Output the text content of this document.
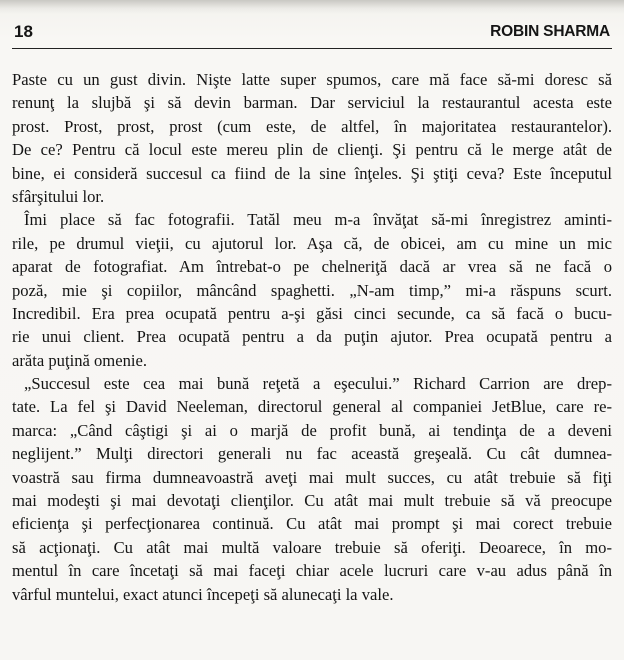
18	ROBIN SHARMA
Paste cu un gust divin. Nişte latte super spumos, care mă face să-mi doresc să
renunţ la slujbă şi să devin barman. Dar serviciul la restaurantul acesta este
prost. Prost, prost, prost (cum este, de altfel, în majoritatea restaurantelor).
De ce? Pentru că locul este mereu plin de clienţi. Şi pentru că le merge atât de
bine, ei consideră succesul ca fiind de la sine înţeles. Şi ştiţi ceva? Este începutul
sfârşitului lor.
Îmi place să fac fotografii. Tatăl meu m-a învăţat să-mi înregistrez aminti-
rile, pe drumul vieţii, cu ajutorul lor. Aşa că, de obicei, am cu mine un mic
aparat de fotografiat. Am întrebat-o pe chelneriţă dacă ar vrea să ne facă o
poză, mie şi copiilor, mâncând spaghetti. „N-am timp,” mi-a răspuns scurt.
Incredibil. Era prea ocupată pentru a-şi găsi cinci secunde, ca să facă o bucu-
rie unui client. Prea ocupată pentru a da puţin ajutor. Prea ocupată pentru a
arăta puţină omenie.
„Succesul este cea mai bună reţetă a eşecului.” Richard Carrion are drep-
tate. La fel şi David Neeleman, directorul general al companiei JetBlue, care re-
marca: „Când câştigi şi ai o marjă de profit bună, ai tendinţa de a deveni
neglijent.” Mulţi directori generali nu fac această greşeală. Cu cât dumnea-
voastră sau firma dumneavoastră aveţi mai mult succes, cu atât trebuie să fiţi
mai modeşti şi mai devotaţi clienţilor. Cu atât mai mult trebuie să vă preocupe
eficienţa şi perfecţionarea continuă. Cu atât mai prompt şi mai corect trebuie
să acţionaţi. Cu atât mai multă valoare trebuie să oferiţi. Deoarece, în mo-
mentul în care încetaţi să mai faceţi chiar acele lucruri care v-au adus până în
vârful muntelui, exact atunci începeţi să alunecaţi la vale.
